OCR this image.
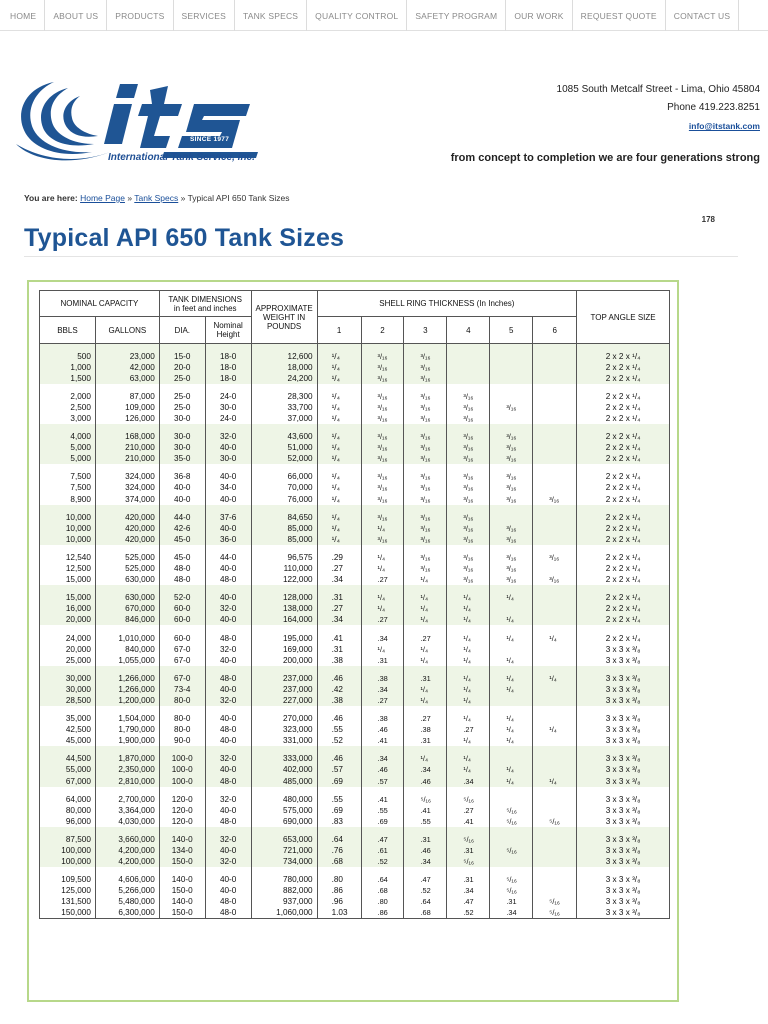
HOME	ABOUT US	PRODUCTS	SERVICES	TANK SPECS	QUALITY CONTROL	SAFETY PROGRAM	OUR WORK	REQUEST QUOTE	CONTACT US
SINCE 1977
International Tank Service, Inc.
1085 South Metcalf Street - Lima, Ohio 45804
Phone 419.223.8251
info@itstank.com
from concept to completion we are four generations strong
You are here: Home Page » Tank Specs » Typical API 650 Tank Sizes
178
Typical API 650 Tank Sizes
NOMINAL CAPACITY		TANK DIMENSIONS
in feet and inches		APPROXIMATE WEIGHT IN POUNDS	SHELL RING THICKNESS (In Inches)						TOP ANGLE SIZE
BBLS	GALLONS	DIA.	Nominal Height		1	2	3	4	5	6	

500	23,000	15-0	18-0	12,600	¹/₄	³/₁₆	³/₁₆				2 x 2 x ¹/₄
1,000	42,000	20-0	18-0	18,000	¹/₄	³/₁₆	³/₁₆				2 x 2 x ¹/₄
1,500	63,000	25-0	18-0	24,200	¹/₄	³/₁₆	³/₁₆				2 x 2 x ¹/₄

2,000	87,000	25-0	24-0	28,300	¹/₄	³/₁₆	³/₁₆	³/₁₆			2 x 2 x ¹/₄
2,500	109,000	25-0	30-0	33,700	¹/₄	³/₁₆	³/₁₆	³/₁₆	³/₁₆		2 x 2 x ¹/₄
3,000	126,000	30-0	24-0	37,000	¹/₄	³/₁₆	³/₁₆	³/₁₆			2 x 2 x ¹/₄

4,000	168,000	30-0	32-0	43,600	¹/₄	³/₁₆	³/₁₆	³/₁₆	³/₁₆		2 x 2 x ¹/₄
5,000	210,000	30-0	40-0	51,000	¹/₄	³/₁₆	³/₁₆	³/₁₆	³/₁₆		2 x 2 x ¹/₄
5,000	210,000	35-0	30-0	52,000	¹/₄	³/₁₆	³/₁₆	³/₁₆	³/₁₆		2 x 2 x ¹/₄

7,500	324,000	36-8	40-0	66,000	¹/₄	³/₁₆	³/₁₆	³/₁₆	³/₁₆		2 x 2 x ¹/₄
7,500	324,000	40-0	34-0	70,000	¹/₄	³/₁₆	³/₁₆	³/₁₆	³/₁₆		2 x 2 x ¹/₄
8,900	374,000	40-0	40-0	76,000	¹/₄	³/₁₆	³/₁₆	³/₁₆	³/₁₆	³/₁₆	2 x 2 x ¹/₄

10,000	420,000	44-0	37-6	84,650	¹/₄	³/₁₆	³/₁₆	³/₁₆			2 x 2 x ¹/₄
10,000	420,000	42-6	40-0	85,000	¹/₄	¹/₄	³/₁₆	³/₁₆	³/₁₆		2 x 2 x ¹/₄
10,000	420,000	45-0	36-0	85,000	¹/₄	³/₁₆	³/₁₆	³/₁₆	³/₁₆		2 x 2 x ¹/₄

12,540	525,000	45-0	44-0	96,575	.29	¹/₄	³/₁₆	³/₁₆	³/₁₆	³/₁₆	2 x 2 x ¹/₄
12,500	525,000	48-0	40-0	110,000	.27	¹/₄	³/₁₆	³/₁₆	³/₁₆		2 x 2 x ¹/₄
15,000	630,000	48-0	48-0	122,000	.34	.27	¹/₄	³/₁₆	³/₁₆	³/₁₆	2 x 2 x ¹/₄

15,000	630,000	52-0	40-0	128,000	.31	¹/₄	¹/₄	¹/₄	¹/₄		2 x 2 x ¹/₄
16,000	670,000	60-0	32-0	138,000	.27	¹/₄	¹/₄	¹/₄			2 x 2 x ¹/₄
20,000	846,000	60-0	40-0	164,000	.34	.27	¹/₄	¹/₄	¹/₄		2 x 2 x ¹/₄

24,000	1,010,000	60-0	48-0	195,000	.41	.34	.27	¹/₄	¹/₄	¹/₄	2 x 2 x ¹/₄
20,000	840,000	67-0	32-0	169,000	.31	¹/₄	¹/₄	¹/₄			3 x 3 x ³/₈
25,000	1,055,000	67-0	40-0	200,000	.38	.31	¹/₄	¹/₄	¹/₄		3 x 3 x ³/₈

30,000	1,266,000	67-0	48-0	237,000	.46	.38	.31	¹/₄	¹/₄	¹/₄	3 x 3 x ³/₈
30,000	1,266,000	73-4	40-0	237,000	.42	.34	¹/₄	¹/₄	¹/₄		3 x 3 x ³/₈
28,500	1,200,000	80-0	32-0	227,000	.38	.27	¹/₄	¹/₄			3 x 3 x ³/₈

35,000	1,504,000	80-0	40-0	270,000	.46	.38	.27	¹/₄	¹/₄		3 x 3 x ³/₈
42,500	1,790,000	80-0	48-0	323,000	.55	.46	.38	.27	¹/₄	¹/₄	3 x 3 x ³/₈
45,000	1,900,000	90-0	40-0	331,000	.52	.41	.31	¹/₄	¹/₄		3 x 3 x ³/₈

44,500	1,870,000	100-0	32-0	333,000	.46	.34	¹/₄	¹/₄			3 x 3 x ³/₈
55,000	2,350,000	100-0	40-0	402,000	.57	.46	.34	¹/₄	¹/₄		3 x 3 x ³/₈
67,000	2,810,000	100-0	48-0	485,000	.69	.57	.46	.34	¹/₄	¹/₄	3 x 3 x ³/₈

64,000	2,700,000	120-0	32-0	480,000	.55	.41	⁵/₁₆	⁵/₁₆			3 x 3 x ³/₈
80,000	3,364,000	120-0	40-0	575,000	.69	.55	.41	.27	⁵/₁₆		3 x 3 x ³/₈
96,000	4,030,000	120-0	48-0	690,000	.83	.69	.55	.41	⁵/₁₆	⁵/₁₆	3 x 3 x ³/₈

87,500	3,660,000	140-0	32-0	653,000	.64	.47	.31	⁵/₁₆			3 x 3 x ³/₈
100,000	4,200,000	134-0	40-0	721,000	.76	.61	.46	.31	⁵/₁₆		3 x 3 x ³/₈
100,000	4,200,000	150-0	32-0	734,000	.68	.52	.34	⁵/₁₆			3 x 3 x ³/₈

109,500	4,606,000	140-0	40-0	780,000	.80	.64	.47	.31	⁵/₁₆		3 x 3 x ³/₈
125,000	5,266,000	150-0	40-0	882,000	.86	.68	.52	.34	⁵/₁₆		3 x 3 x ³/₈
131,500	5,480,000	140-0	48-0	937,000	.96	.80	.64	.47	.31	⁵/₁₆	3 x 3 x ³/₈
150,000	6,300,000	150-0	48-0	1,060,000	1.03	.86	.68	.52	.34	⁵/₁₆	3 x 3 x ³/₈
